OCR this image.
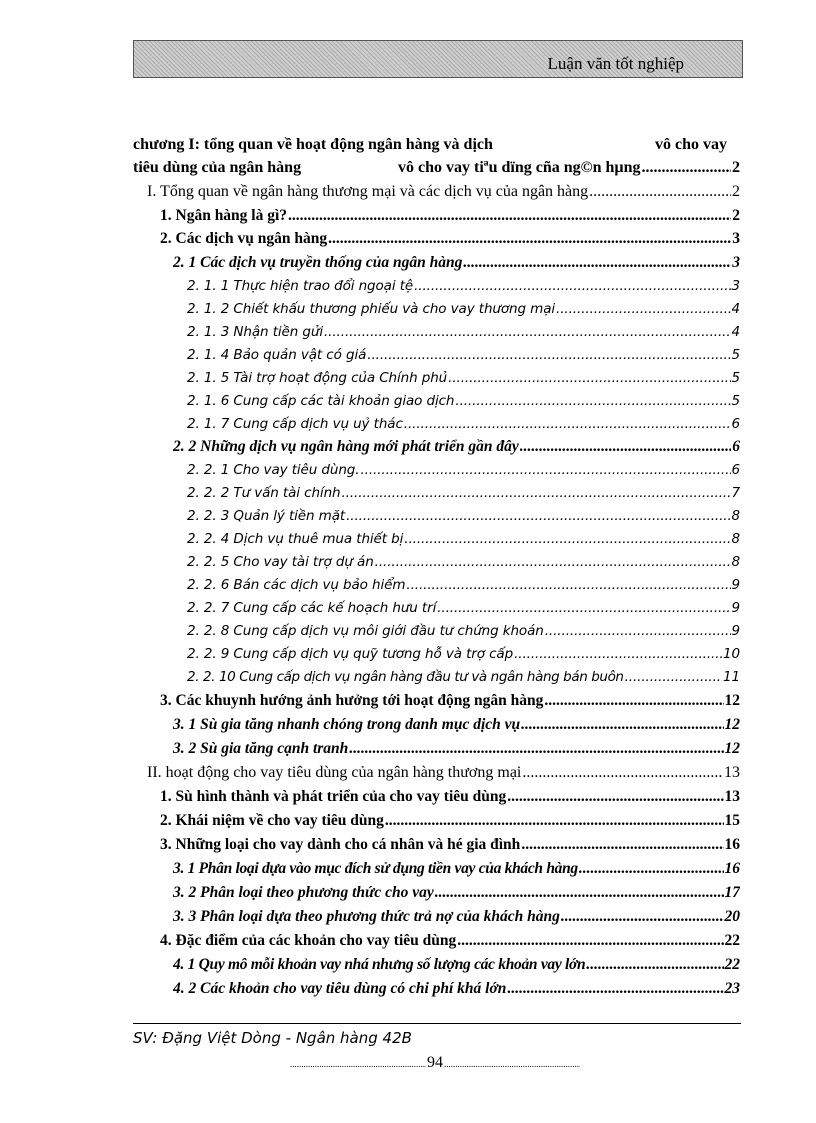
Luận văn tốt nghiệp
chương I: tổng quan về hoạt động ngân hàng và dịch	vô cho vay
tiêu dùng của ngân hàng	vô cho vay tiªu dïng cña ng©n hµng .....	2
I. Tổng quan về ngân hàng thương mại và các dịch vụ của ngân hàng .....	2
1. Ngân hàng là gì? .....	2
2. Các dịch vụ ngân hàng .....	3
2. 1 Các dịch vụ truyền thống của ngân hàng .....	3
2. 1. 1 Thực hiện trao đổi ngoại tệ .....	3
2. 1. 2 Chiết khấu thương phiếu và cho vay thương mại .....	4
2. 1. 3 Nhận tiền gửi .....	4
2. 1. 4 Bảo quản vật có giá .....	5
2. 1. 5 Tài trợ hoạt động của Chính phủ .....	5
2. 1. 6 Cung cấp các tài khoản giao dịch .....	5
2. 1. 7 Cung cấp dịch vụ uỷ thác .....	6
2. 2 Những dịch vụ ngân hàng mới phát triển gần đây .....	6
2. 2. 1 Cho vay tiêu dùng. .....	6
2. 2. 2 Tư vấn tài chính .....	7
2. 2. 3 Quản lý tiền mặt .....	8
2. 2. 4 Dịch vụ thuê mua thiết bị .....	8
2. 2. 5 Cho vay tài trợ dự án .....	8
2. 2. 6 Bán các dịch vụ bảo hiểm .....	9
2. 2. 7 Cung cấp các kế hoạch hưu trí .....	9
2. 2. 8 Cung cấp dịch vụ môi giới đầu tư chứng khoán .....	9
2. 2. 9 Cung cấp dịch vụ quỹ tương hỗ và trợ cấp .....	10
2. 2. 10 Cung cấp dịch vụ ngân hàng đầu tư và ngân hàng bán buôn .....	11
3. Các khuynh hướng ảnh hưởng tới hoạt động ngân hàng .....	12
3. 1 Sù gia tăng nhanh chóng trong danh mục dịch vụ .....	12
3. 2 Sù gia tăng cạnh tranh .....	12
II. hoạt động cho vay tiêu dùng của ngân hàng thương mại .....	13
1. Sù hình thành và phát triển của cho vay tiêu dùng .....	13
2. Khái niệm về cho vay tiêu dùng .....	15
3. Những loại cho vay dành cho cá nhân và hé gia đình .....	16
3. 1 Phân loại dựa vào mục đích sử dụng tiền vay của khách hàng .....	16
3. 2 Phân loại theo phương thức cho vay .....	17
3. 3 Phân loại dựa theo phương thức trả nợ của khách hàng .....	20
4. Đặc điểm của các khoản cho vay tiêu dùng .....	22
4. 1 Quy mô mỗi khoản vay nhá nhưng số lượng các khoản vay lớn .....	22
4. 2 Các khoản cho vay tiêu dùng có chi phí khá lớn .....	23
SV: Đặng Việt Dòng - Ngân hàng 42B
.....
94
.....
